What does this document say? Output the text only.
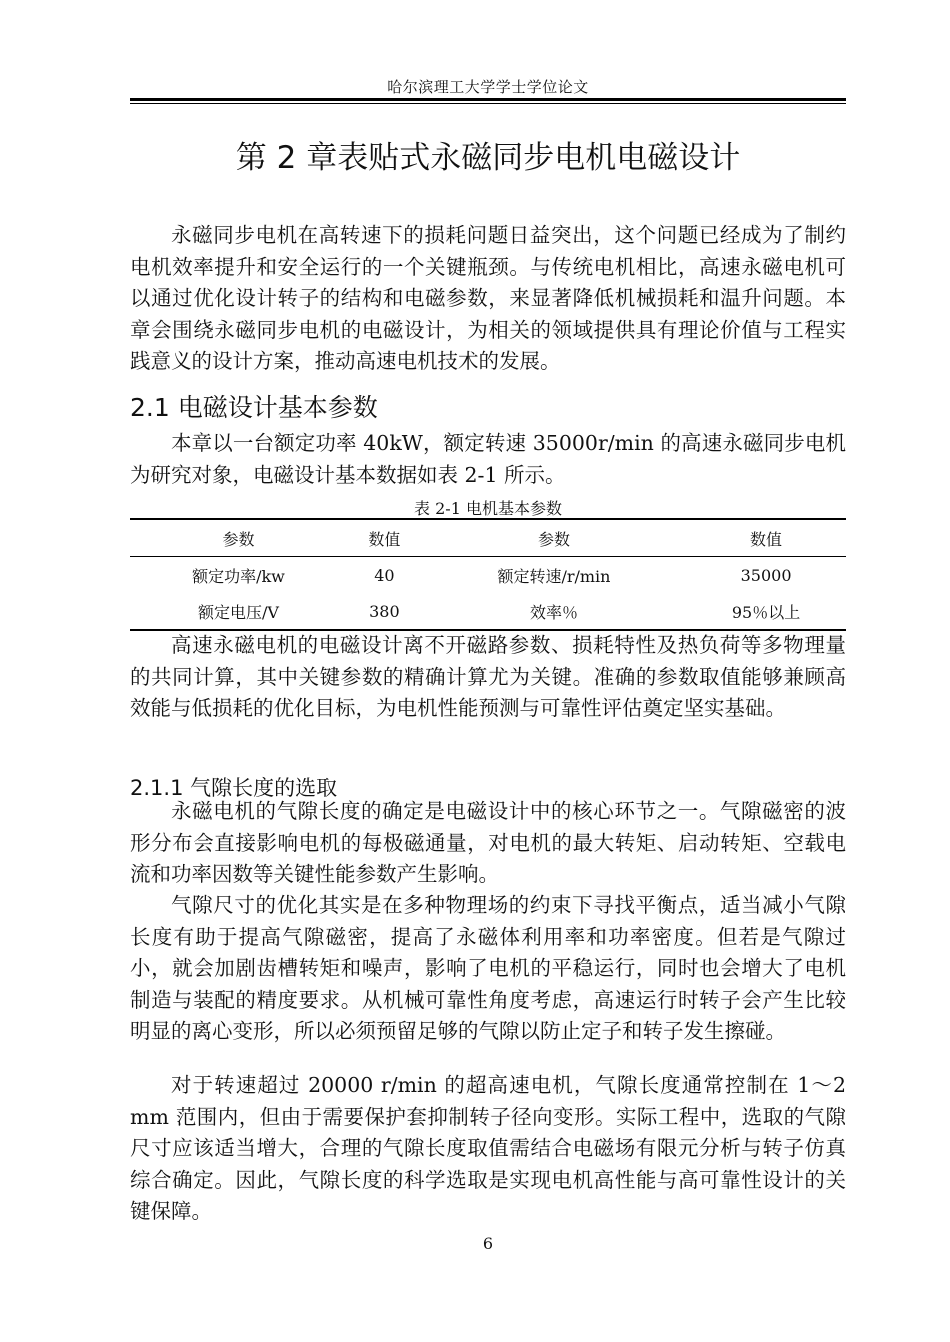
哈尔滨理工大学学士学位论文
第 2 章表贴式永磁同步电机电磁设计

永磁同步电机在高转速下的损耗问题日益突出，这个问题已经成为了制约电机效率提升和安全运行的一个关键瓶颈。与传统电机相比，高速永磁电机可以通过优化设计转子的结构和电磁参数，来显著降低机械损耗和温升问题。本章会围绕永磁同步电机的电磁设计，为相关的领域提供具有理论价值与工程实践意义的设计方案，推动高速电机技术的发展。

2.1 电磁设计基本参数

本章以一台额定功率 40kW，额定转速 35000r/min 的高速永磁同步电机为研究对象，电磁设计基本数据如表 2-1 所示。

表 2-1 电机基本参数
参数	数值	参数	数值
额定功率/kw	40	额定转速/r/min	35000
额定电压/V	380	效率％	95％以上

高速永磁电机的电磁设计离不开磁路参数、损耗特性及热负荷等多物理量的共同计算，其中关键参数的精确计算尤为关键。准确的参数取值能够兼顾高效能与低损耗的优化目标，为电机性能预测与可靠性评估奠定坚实基础。

2.1.1 气隙长度的选取

永磁电机的气隙长度的确定是电磁设计中的核心环节之一。气隙磁密的波形分布会直接影响电机的每极磁通量，对电机的最大转矩、启动转矩、空载电流和功率因数等关键性能参数产生影响。

气隙尺寸的优化其实是在多种物理场的约束下寻找平衡点，适当减小气隙长度有助于提高气隙磁密，提高了永磁体利用率和功率密度。但若是气隙过小，就会加剧齿槽转矩和噪声，影响了电机的平稳运行，同时也会增大了电机制造与装配的精度要求。从机械可靠性角度考虑，高速运行时转子会产生比较明显的离心变形，所以必须预留足够的气隙以防止定子和转子发生擦碰。

对于转速超过 20000 r/min 的超高速电机，气隙长度通常控制在 1～2 mm 范围内，但由于需要保护套抑制转子径向变形。实际工程中，选取的气隙尺寸应该适当增大，合理的气隙长度取值需结合电磁场有限元分析与转子仿真综合确定。因此，气隙长度的科学选取是实现电机高性能与高可靠性设计的关键保障。

6
